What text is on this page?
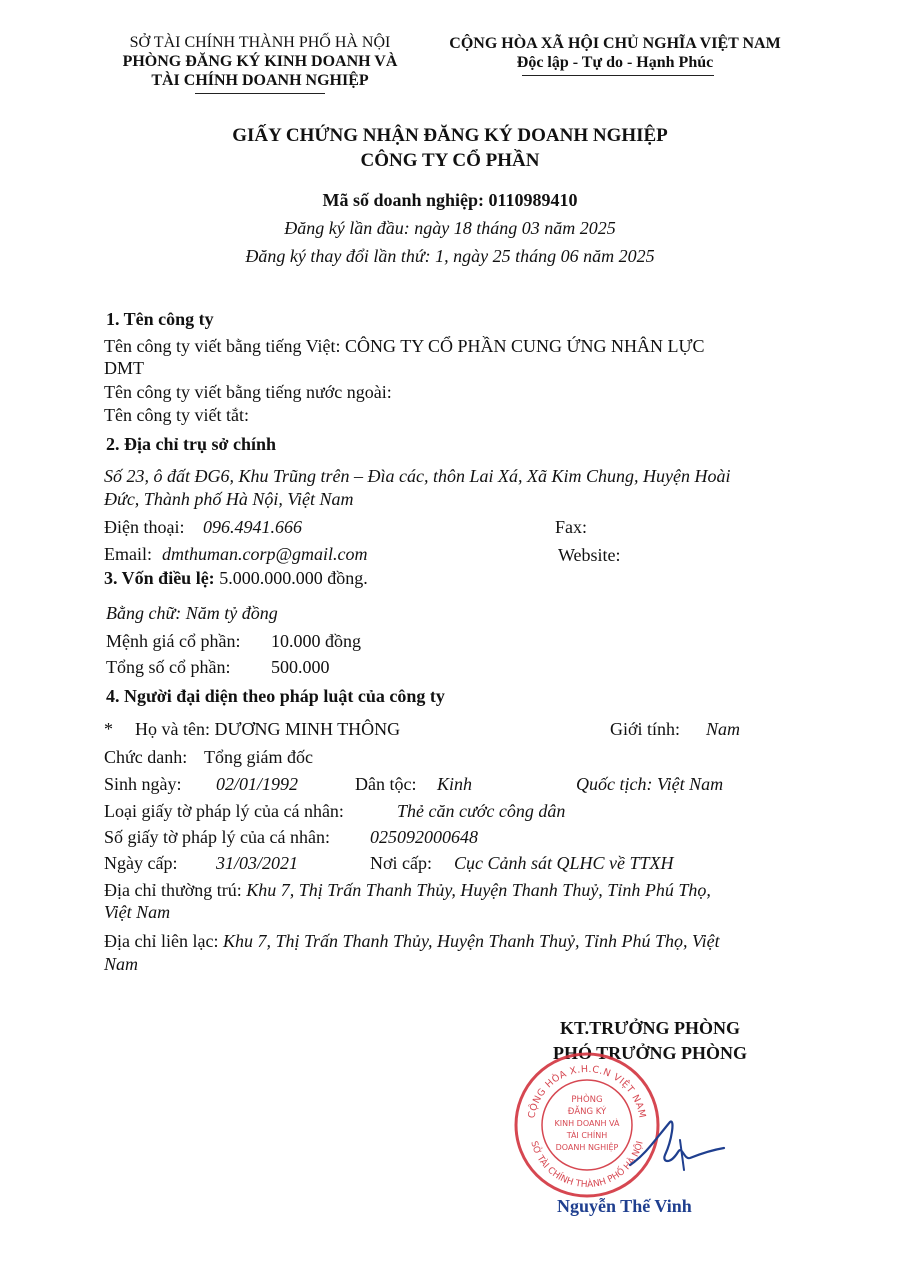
SỞ TÀI CHÍNH THÀNH PHỐ HÀ NỘI
PHÒNG ĐĂNG KÝ KINH DOANH VÀ
TÀI CHÍNH DOANH NGHIỆP
CỘNG HÒA XÃ HỘI CHỦ NGHĨA VIỆT NAM
Độc lập - Tự do - Hạnh Phúc
GIẤY CHỨNG NHẬN ĐĂNG KÝ DOANH NGHIỆP
CÔNG TY CỔ PHẦN
Mã số doanh nghiệp: 0110989410
Đăng ký lần đầu: ngày 18 tháng 03 năm 2025
Đăng ký thay đổi lần thứ: 1, ngày 25 tháng 06 năm 2025
1. Tên công ty
Tên công ty viết bằng tiếng Việt: CÔNG TY CỔ PHẦN CUNG ỨNG NHÂN LỰC
DMT
Tên công ty viết bằng tiếng nước ngoài:
Tên công ty viết tắt:
2. Địa chỉ trụ sở chính
Số 23, ô đất ĐG6, Khu Trũng trên – Đìa các, thôn Lai Xá, Xã Kim Chung, Huyện Hoài
Đức, Thành phố Hà Nội, Việt Nam
Điện thoại: 096.4941.666	Fax:
Email: dmthuman.corp@gmail.com	Website:
3. Vốn điều lệ: 5.000.000.000 đồng.
Bằng chữ: Năm tỷ đồng
Mệnh giá cổ phần: 10.000 đồng
Tổng số cổ phần: 500.000
4. Người đại diện theo pháp luật của công ty
* Họ và tên: DƯƠNG MINH THÔNG	Giới tính: Nam
Chức danh: Tổng giám đốc
Sinh ngày: 02/01/1992	Dân tộc: Kinh	Quốc tịch: Việt Nam
Loại giấy tờ pháp lý của cá nhân:	Thẻ căn cước công dân
Số giấy tờ pháp lý của cá nhân: 025092000648
Ngày cấp: 31/03/2021	Nơi cấp: Cục Cảnh sát QLHC về TTXH
Địa chỉ thường trú: Khu 7, Thị Trấn Thanh Thủy, Huyện Thanh Thuỷ, Tỉnh Phú Thọ,
Việt Nam
Địa chỉ liên lạc: Khu 7, Thị Trấn Thanh Thủy, Huyện Thanh Thuỷ, Tỉnh Phú Thọ, Việt
Nam
KT.TRƯỞNG PHÒNG
PHÓ TRƯỞNG PHÒNG
CỘNG HÒA X.H.C.N VIỆT NAM
SỞ TÀI CHÍNH THÀNH PHỐ HÀ NỘI
PHÒNG
ĐĂNG KÝ
KINH DOANH VÀ
TÀI CHÍNH
DOANH NGHIỆP
Nguyễn Thế Vinh
